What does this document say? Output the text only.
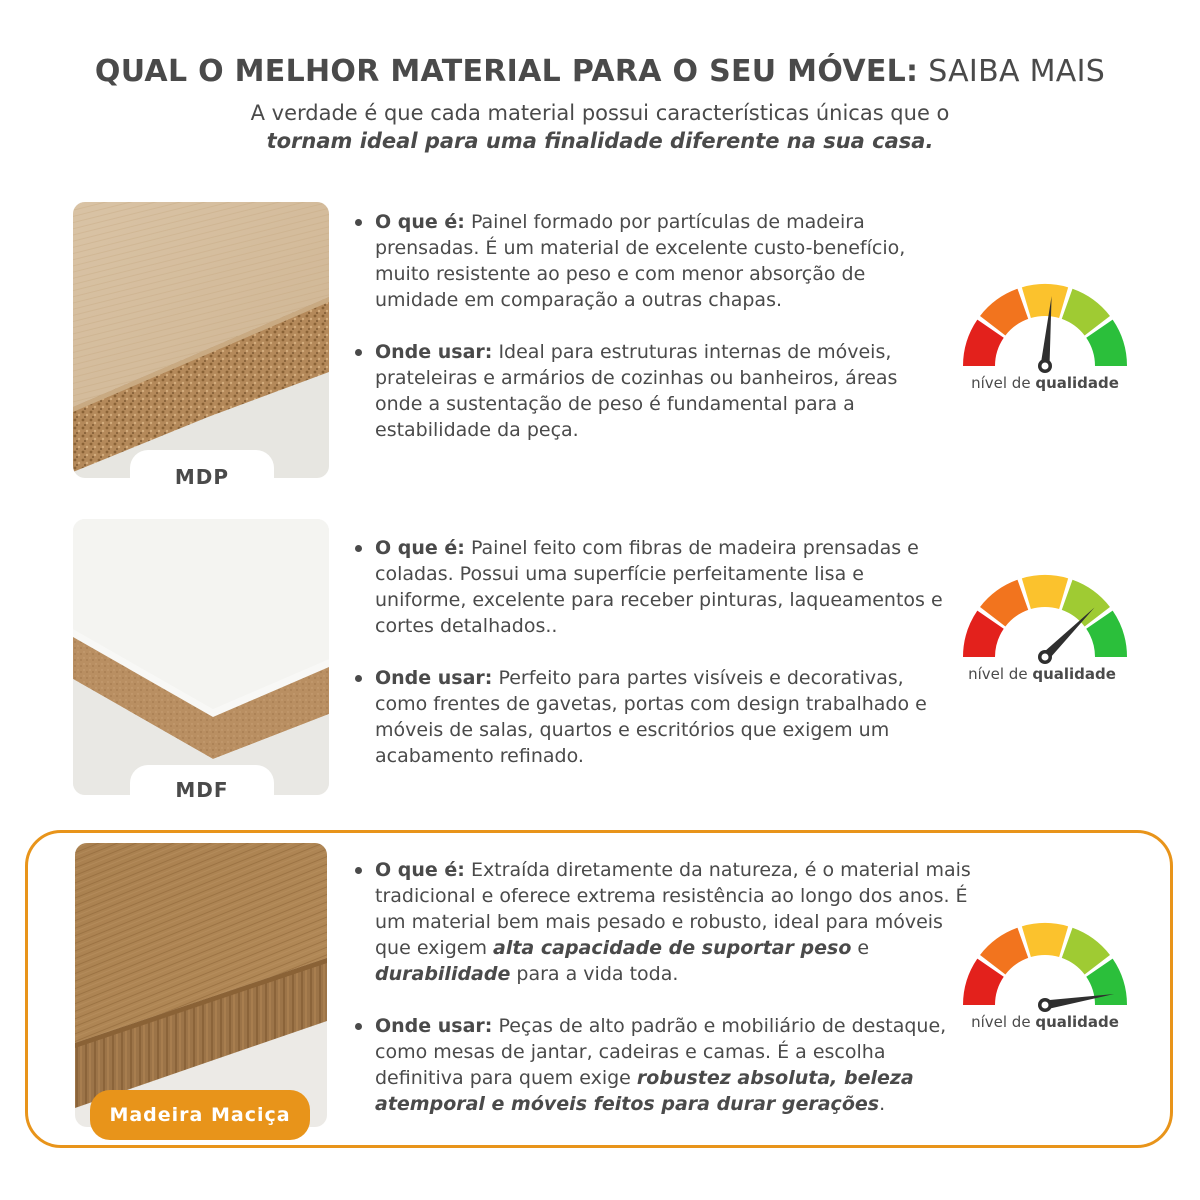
QUAL O MELHOR MATERIAL PARA O SEU MÓVEL: SAIBA MAIS
A verdade é que cada material possui características únicas que o
tornam ideal para uma finalidade diferente na sua casa.
MDP
O que é: Painel formado por partículas de madeira prensadas. É um material de excelente custo-benefício, muito resistente ao peso e com menor absorção de umidade em comparação a outras chapas.
Onde usar: Ideal para estruturas internas de móveis, prateleiras e armários de cozinhas ou banheiros, áreas onde a sustentação de peso é fundamental para a estabilidade da peça.
nível de qualidade
MDF
O que é: Painel feito com fibras de madeira prensadas e coladas. Possui uma superfície perfeitamente lisa e uniforme, excelente para receber pinturas, laqueamentos e cortes detalhados..
Onde usar: Perfeito para partes visíveis e decorativas, como frentes de gavetas, portas com design trabalhado e móveis de salas, quartos e escritórios que exigem um acabamento refinado.
nível de qualidade
Madeira Maciça
O que é: Extraída diretamente da natureza, é o material mais tradicional e oferece extrema resistência ao longo dos anos. É um material bem mais pesado e robusto, ideal para móveis que exigem alta capacidade de suportar peso e durabilidade para a vida toda.
Onde usar: Peças de alto padrão e mobiliário de destaque, como mesas de jantar, cadeiras e camas. É a escolha definitiva para quem exige robustez absoluta, beleza atemporal e móveis feitos para durar gerações.
nível de qualidade
